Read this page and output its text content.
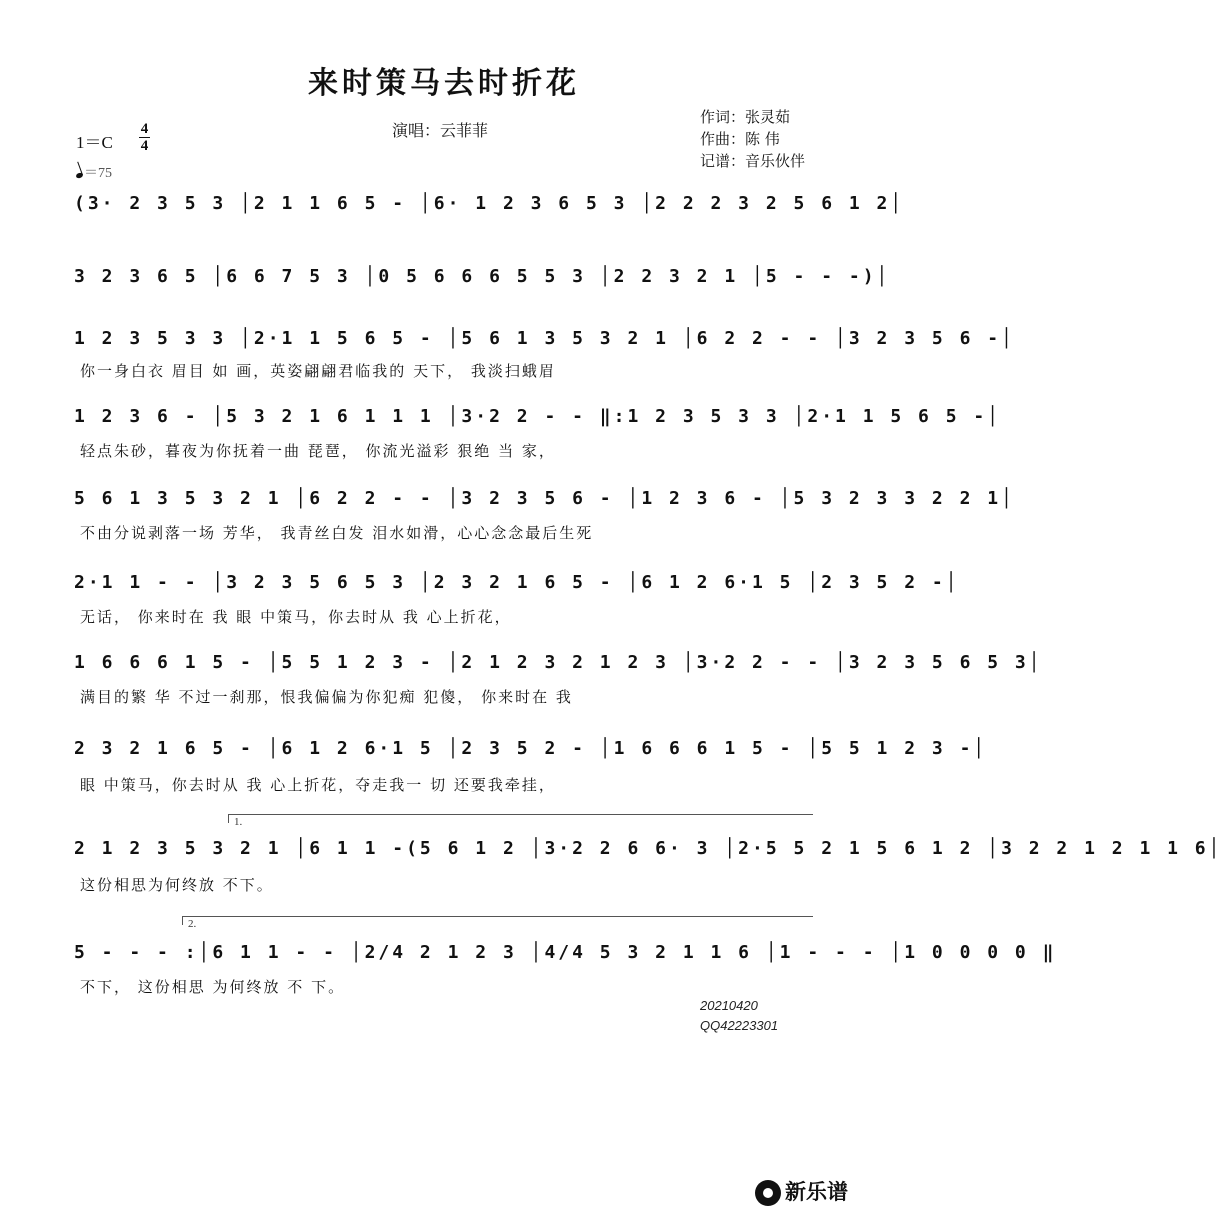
来时策马去时折花
演唱：云菲菲
作词：张灵茹
作曲：陈 伟
记谱：音乐伙伴
1＝C
4
4
＝75
(3· 2 3 5 3 │2 1 1 6 5 - │6· 1 2 3 6 5 3 │2 2 2 3 2 5 6 1 2│
3 2 3 6 5 │6 6 7 5 3 │0 5 6 6 6 5 5 3 │2 2 3 2 1 │5 - - -)│
1 2 3 5 3 3 │2·1 1 5 6 5 - │5 6 1 3 5 3 2 1 │6 2 2 - - │3 2 3 5 6 -│
你一身白衣 眉目 如 画，英姿翩翩君临我的 天下， 我淡扫蛾眉
1 2 3 6 - │5 3 2 1 6 1 1 1 │3·2 2 - - ‖:1 2 3 5 3 3 │2·1 1 5 6 5 -│
轻点朱砂，暮夜为你抚着一曲 琵琶， 你流光溢彩 狠绝 当 家，
5 6 1 3 5 3 2 1 │6 2 2 - - │3 2 3 5 6 - │1 2 3 6 - │5 3 2 3 3 2 2 1│
不由分说剥落一场 芳华， 我青丝白发 泪水如滑，心心念念最后生死
2·1 1 - - │3 2 3 5 6 5 3 │2 3 2 1 6 5 - │6 1 2 6·1 5 │2 3 5 2 -│
无话， 你来时在 我 眼 中策马，你去时从 我 心上折花，
1 6 6 6 1 5 - │5 5 1 2 3 - │2 1 2 3 2 1 2 3 │3·2 2 - - │3 2 3 5 6 5 3│
满目的繁 华 不过一刹那，恨我偏偏为你犯痴 犯傻， 你来时在 我
2 3 2 1 6 5 - │6 1 2 6·1 5 │2 3 5 2 - │1 6 6 6 1 5 - │5 5 1 2 3 -│
眼 中策马，你去时从 我 心上折花，夺走我一 切 还要我牵挂，
1.
2 1 2 3 5 3 2 1 │6 1 1 -(5 6 1 2 │3·2 2 6 6· 3 │2·5 5 2 1 5 6 1 2 │3 2 2 1 2 1 1 6│
这份相思为何终放 不下。
2.
5 - - - :│6 1 1 - - │2/4 2 1 2 3 │4/4 5 3 2 1 1 6 │1 - - - │1 0 0 0 0 ‖
不下， 这份相思 为何终放 不 下。
20210420
QQ42223301
新乐谱
